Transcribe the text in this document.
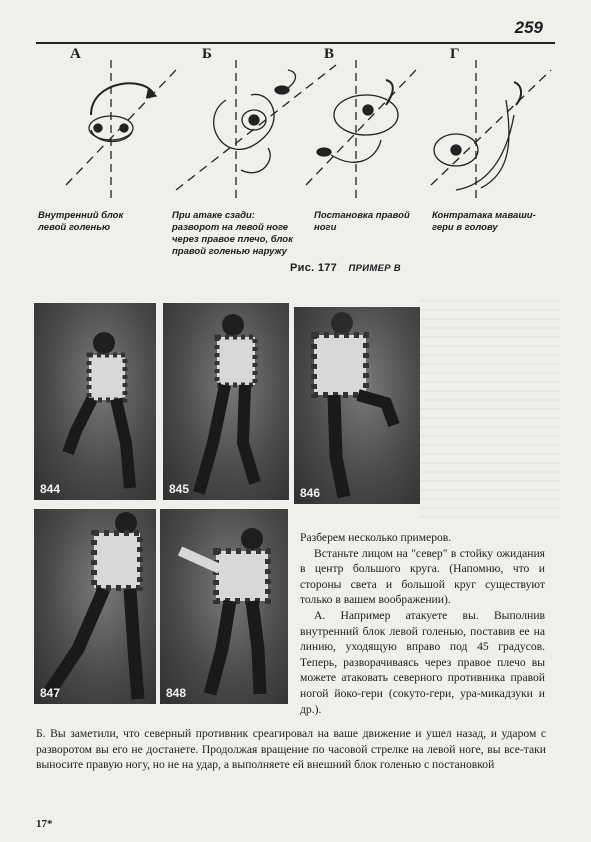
259
А	Б	В	Г
Внутренний блок левой голенью
При атаке сзади: разворот на левой ноге через правое плечо, блок правой голенью наружу
Постановка правой ноги
Контратака маваши-гери в голову
Рис. 177 ПРИМЕР В
844	845	846
847	848

Разберем несколько примеров.

Встаньте лицом на "север" в стойку ожидания в центр большого круга. (Напомню, что и стороны света и большой круг существуют только в вашем воображении).

А. Например атакуете вы. Выполнив внутренний блок левой голенью, поставив ее на линию, уходящую вправо под 45 градусов. Теперь, разворачиваясь через правое плечо вы можете атаковать северного противника правой ногой йоко-гери (сокуто-гери, ура-микадзуки и др.).

Б. Вы заметили, что северный противник среагировал на ваше движение и ушел назад, и ударом с разворотом вы его не достанете. Продолжая вращение по часовой стрелке на левой ноге, вы все-таки выносите правую ногу, но не на удар, а выполняете ей внешний блок голенью с постановкой

17*
